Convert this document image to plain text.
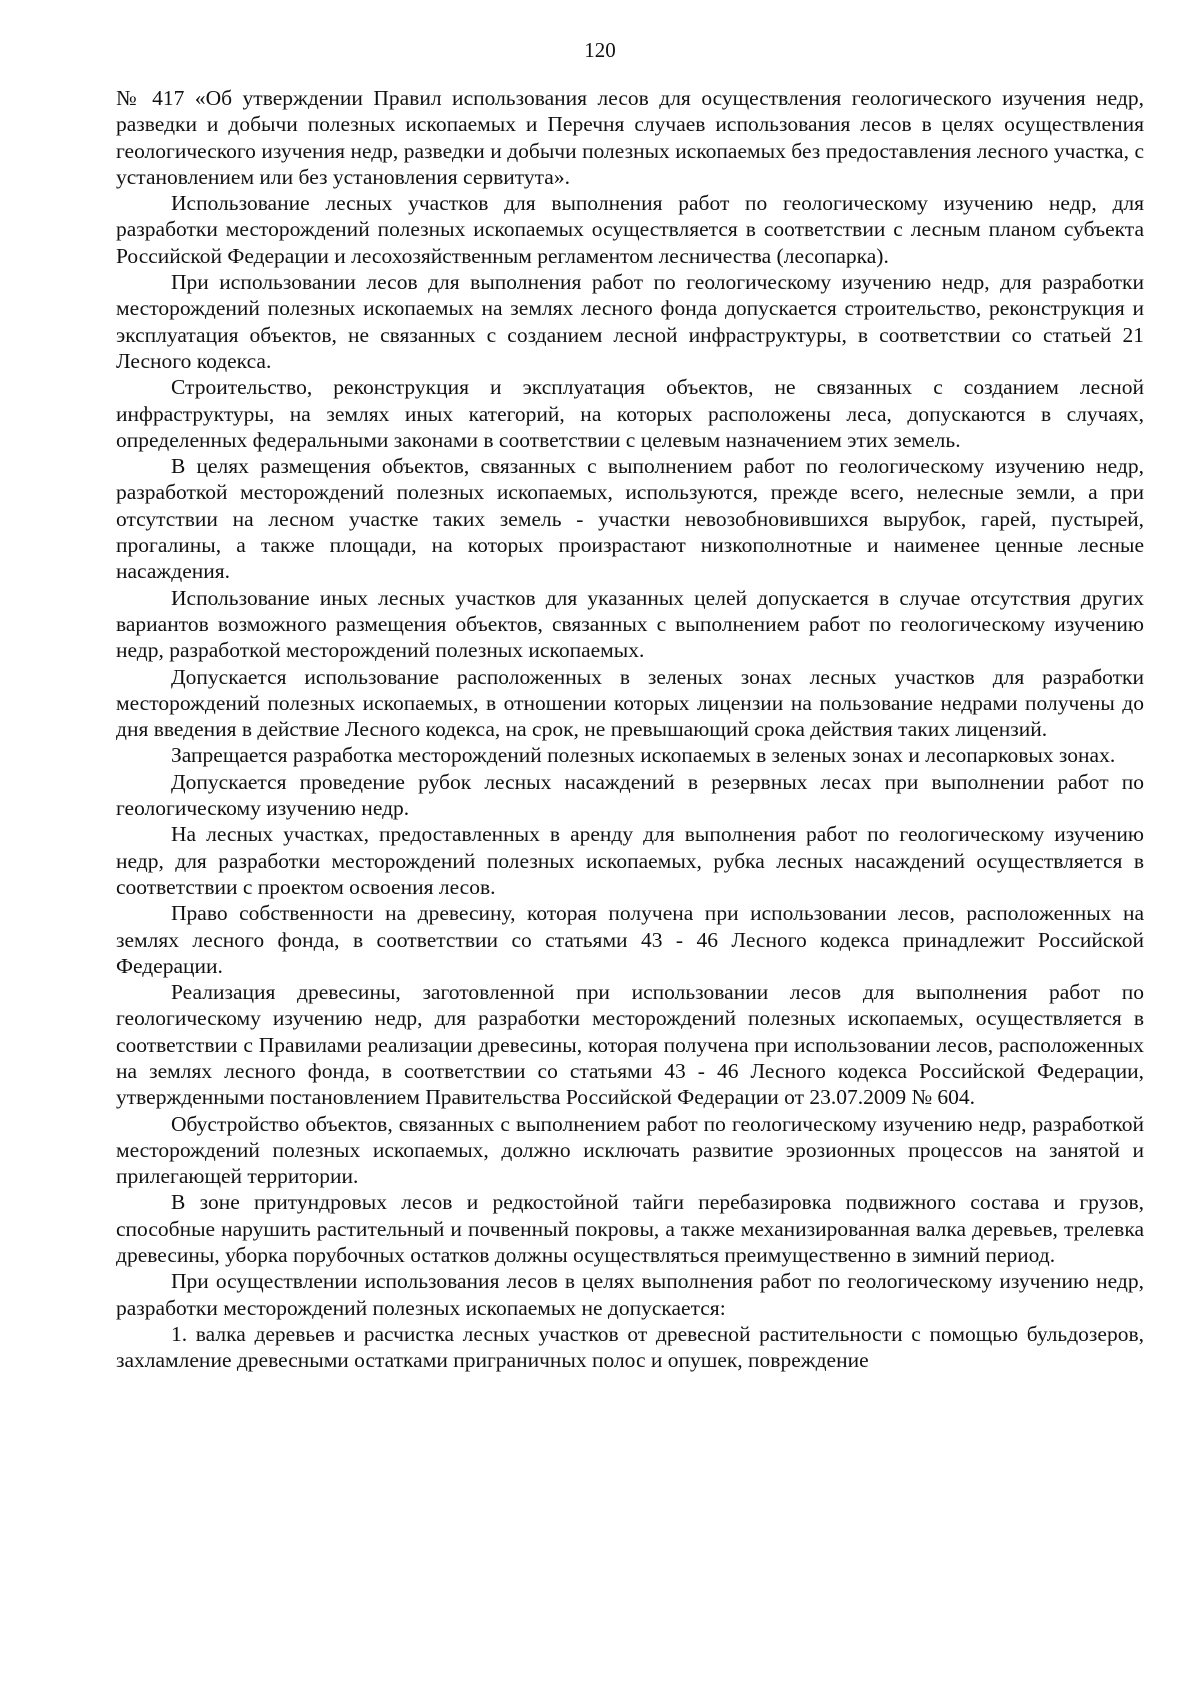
120

№ 417 «Об утверждении Правил использования лесов для осуществления геологического изучения недр, разведки и добычи полезных ископаемых и Перечня случаев использования лесов в целях осуществления геологического изучения недр, разведки и добычи полезных ископаемых без предоставления лесного участка, с установлением или без установления сервитута».

Использование лесных участков для выполнения работ по геологическому изучению недр, для разработки месторождений полезных ископаемых осуществляется в соответствии с лесным планом субъекта Российской Федерации и лесохозяйственным регламентом лесничества (лесопарка).

При использовании лесов для выполнения работ по геологическому изучению недр, для разработки месторождений полезных ископаемых на землях лесного фонда допускается строительство, реконструкция и эксплуатация объектов, не связанных с созданием лесной инфраструктуры, в соответствии со статьей 21 Лесного кодекса.

Строительство, реконструкция и эксплуатация объектов, не связанных с созданием лесной инфраструктуры, на землях иных категорий, на которых расположены леса, допускаются в случаях, определенных федеральными законами в соответствии с целевым назначением этих земель.

В целях размещения объектов, связанных с выполнением работ по геологическому изучению недр, разработкой месторождений полезных ископаемых, используются, прежде всего, нелесные земли, а при отсутствии на лесном участке таких земель - участки невозобновившихся вырубок, гарей, пустырей, прогалины, а также площади, на которых произрастают низкополнотные и наименее ценные лесные насаждения.

Использование иных лесных участков для указанных целей допускается в случае отсутствия других вариантов возможного размещения объектов, связанных с выполнением работ по геологическому изучению недр, разработкой месторождений полезных ископаемых.

Допускается использование расположенных в зеленых зонах лесных участков для разработки месторождений полезных ископаемых, в отношении которых лицензии на пользование недрами получены до дня введения в действие Лесного кодекса, на срок, не превышающий срока действия таких лицензий.

Запрещается разработка месторождений полезных ископаемых в зеленых зонах и лесопарковых зонах.

Допускается проведение рубок лесных насаждений в резервных лесах при выполнении работ по геологическому изучению недр.

На лесных участках, предоставленных в аренду для выполнения работ по геологическому изучению недр, для разработки месторождений полезных ископаемых, рубка лесных насаждений осуществляется в соответствии с проектом освоения лесов.

Право собственности на древесину, которая получена при использовании лесов, расположенных на землях лесного фонда, в соответствии со статьями 43 - 46 Лесного кодекса принадлежит Российской Федерации.

Реализация древесины, заготовленной при использовании лесов для выполнения работ по геологическому изучению недр, для разработки месторождений полезных ископаемых, осуществляется в соответствии с Правилами реализации древесины, которая получена при использовании лесов, расположенных на землях лесного фонда, в соответствии со статьями 43 - 46 Лесного кодекса Российской Федерации, утвержденными постановлением Правительства Российской Федерации от 23.07.2009 № 604.

Обустройство объектов, связанных с выполнением работ по геологическому изучению недр, разработкой месторождений полезных ископаемых, должно исключать развитие эрозионных процессов на занятой и прилегающей территории.

В зоне притундровых лесов и редкостойной тайги перебазировка подвижного состава и грузов, способные нарушить растительный и почвенный покровы, а также механизированная валка деревьев, трелевка древесины, уборка порубочных остатков должны осуществляться преимущественно в зимний период.

При осуществлении использования лесов в целях выполнения работ по геологическому изучению недр, разработки месторождений полезных ископаемых не допускается:

1. валка деревьев и расчистка лесных участков от древесной растительности с помощью бульдозеров, захламление древесными остатками приграничных полос и опушек, повреждение
